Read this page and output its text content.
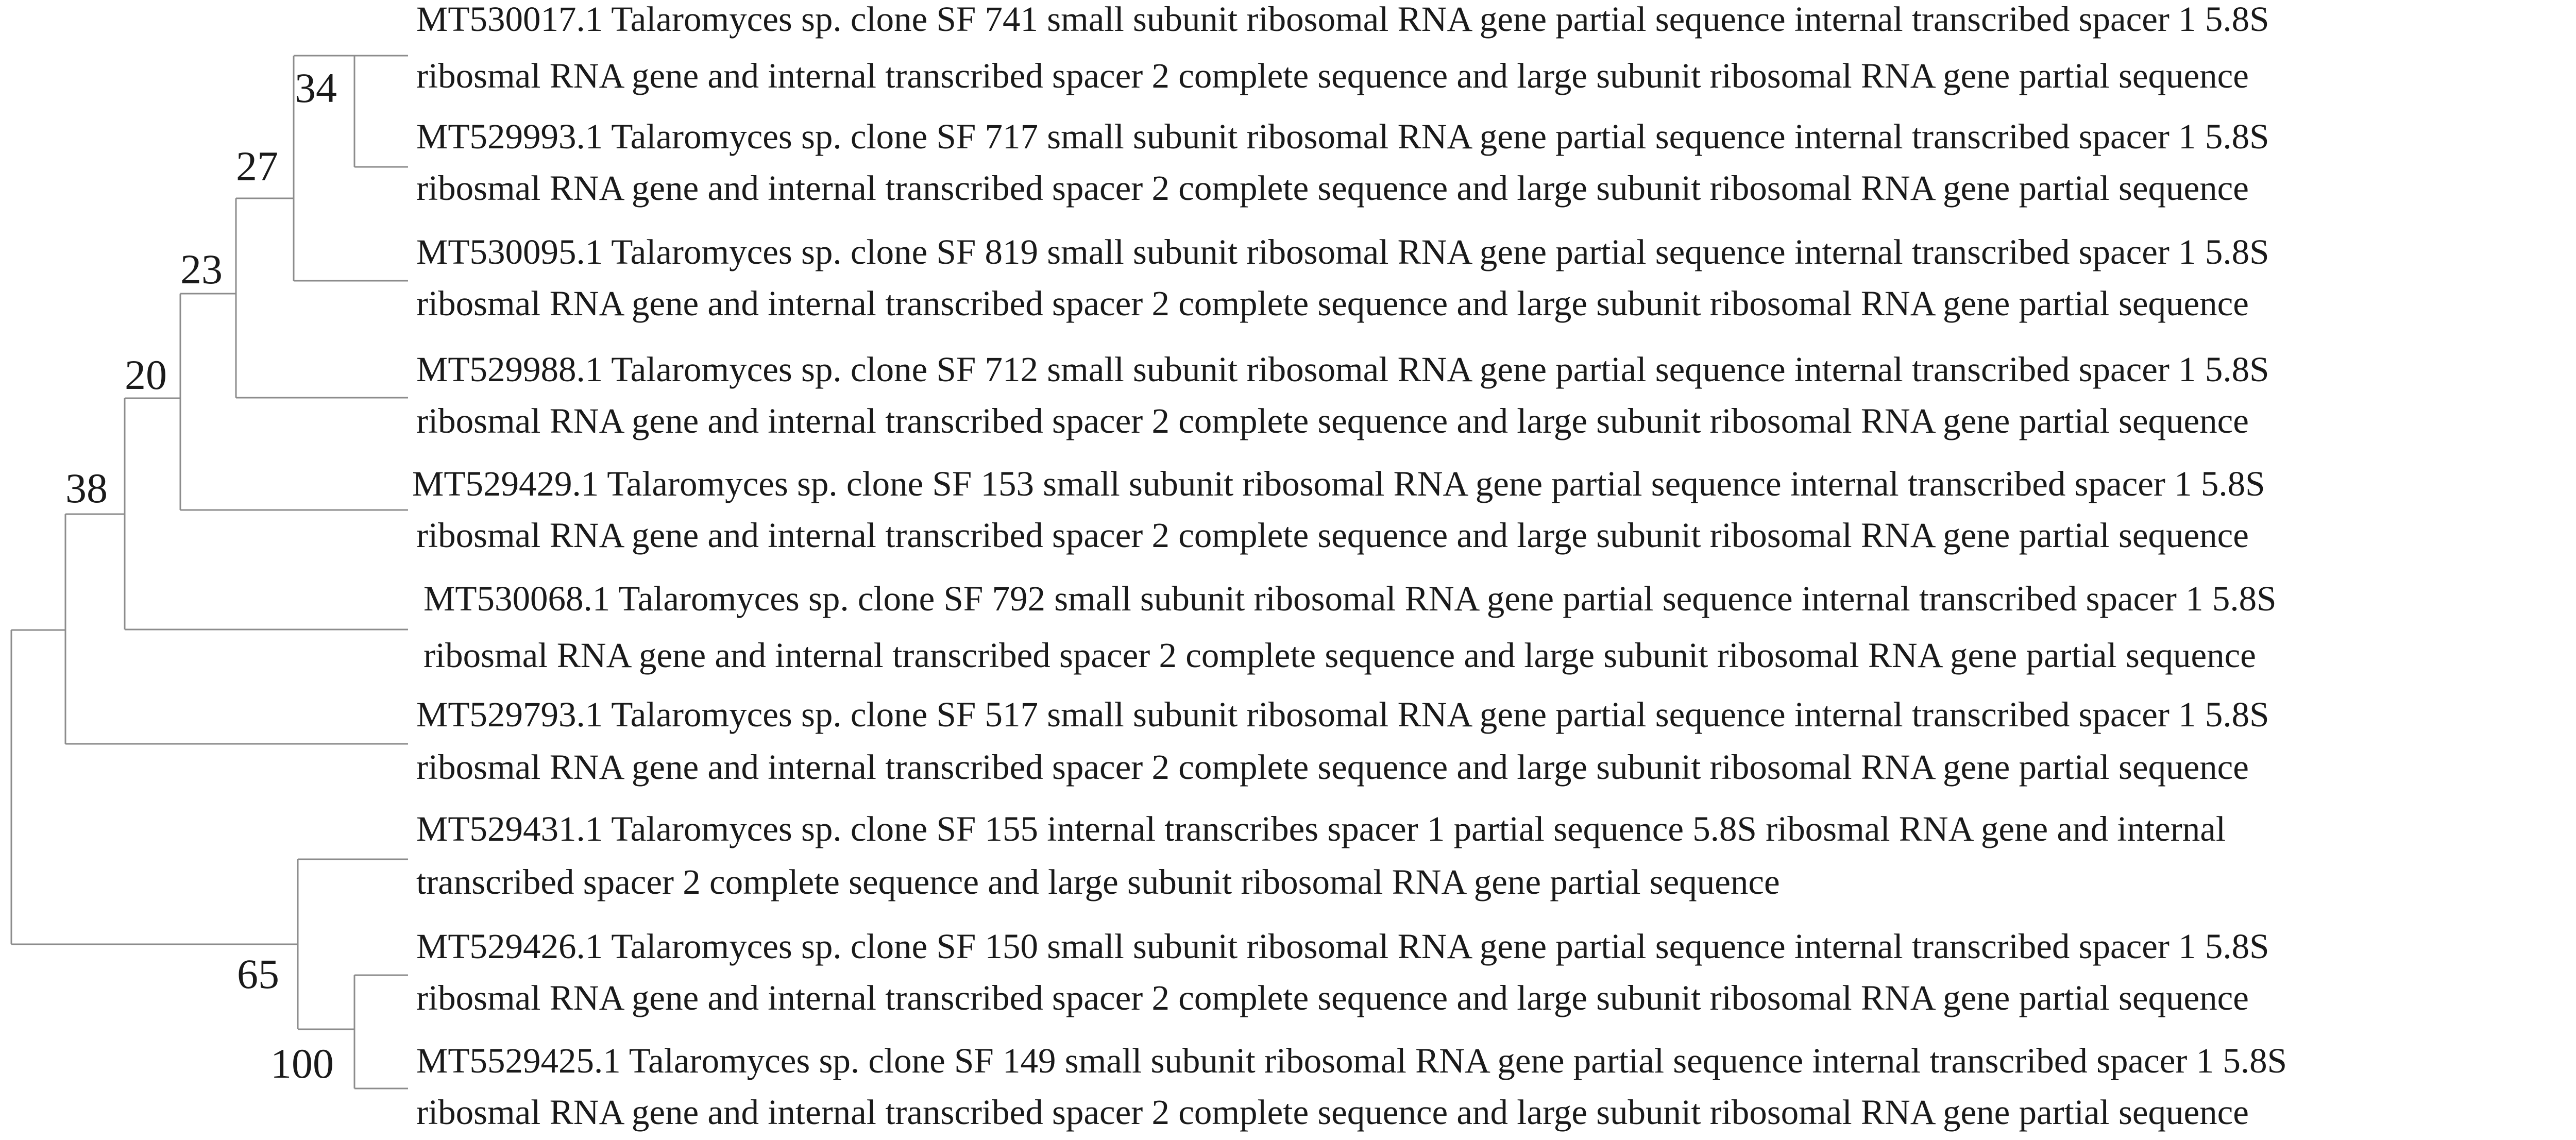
34
27
23
20
38
65
100
MT530017.1 Talaromyces sp. clone SF 741 small subunit ribosomal RNA gene partial sequence internal transcribed spacer 1 5.8S
ribosmal RNA gene and internal transcribed spacer 2 complete sequence and large subunit ribosomal RNA gene partial sequence
MT529993.1 Talaromyces sp. clone SF 717 small subunit ribosomal RNA gene partial sequence internal transcribed spacer 1 5.8S
ribosmal RNA gene and internal transcribed spacer 2 complete sequence and large subunit ribosomal RNA gene partial sequence
MT530095.1 Talaromyces sp. clone SF 819 small subunit ribosomal RNA gene partial sequence internal transcribed spacer 1 5.8S
ribosmal RNA gene and internal transcribed spacer 2 complete sequence and large subunit ribosomal RNA gene partial sequence
MT529988.1 Talaromyces sp. clone SF 712 small subunit ribosomal RNA gene partial sequence internal transcribed spacer 1 5.8S
ribosmal RNA gene and internal transcribed spacer 2 complete sequence and large subunit ribosomal RNA gene partial sequence
MT529429.1 Talaromyces sp. clone SF 153 small subunit ribosomal RNA gene partial sequence internal transcribed spacer 1 5.8S
ribosmal RNA gene and internal transcribed spacer 2 complete sequence and large subunit ribosomal RNA gene partial sequence
MT530068.1 Talaromyces sp. clone SF 792 small subunit ribosomal RNA gene partial sequence internal transcribed spacer 1 5.8S
ribosmal RNA gene and internal transcribed spacer 2 complete sequence and large subunit ribosomal RNA gene partial sequence
MT529793.1 Talaromyces sp. clone SF 517 small subunit ribosomal RNA gene partial sequence internal transcribed spacer 1 5.8S
ribosmal RNA gene and internal transcribed spacer 2 complete sequence and large subunit ribosomal RNA gene partial sequence
MT529431.1 Talaromyces sp. clone SF 155 internal transcribes spacer 1 partial sequence 5.8S ribosmal RNA gene and internal
transcribed spacer 2 complete sequence and large subunit ribosomal RNA gene partial sequence
MT529426.1 Talaromyces sp. clone SF 150 small subunit ribosomal RNA gene partial sequence internal transcribed spacer 1 5.8S
ribosmal RNA gene and internal transcribed spacer 2 complete sequence and large subunit ribosomal RNA gene partial sequence
MT5529425.1 Talaromyces sp. clone SF 149 small subunit ribosomal RNA gene partial sequence internal transcribed spacer 1 5.8S
ribosmal RNA gene and internal transcribed spacer 2 complete sequence and large subunit ribosomal RNA gene partial sequence
